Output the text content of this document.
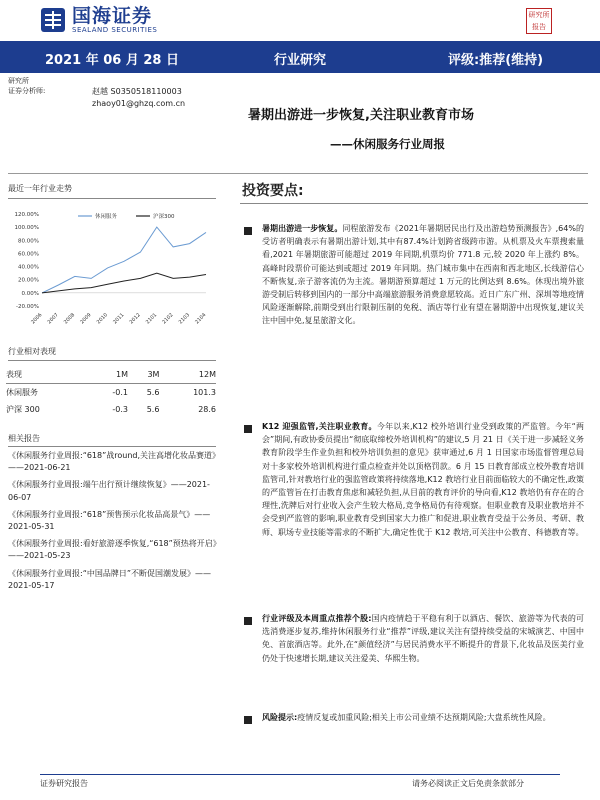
国海证券
SEALAND SECURITIES
研究所报告
2021 年 06 月 28 日	行业研究	评级:推荐(维持)
研究所
证券分析师:	赵越 S0350518110003
zhaoy01@ghzq.com.cn
暑期出游进一步恢复,关注职业教育市场
——休闲服务行业周报
最近一年行业走势
120.00%
100.00%
80.00%
60.00%
40.00%
20.00%
0.00%
-20.00%
2006 2007 2008 2009 2010 2011 2012 2101 2102 2103 2104
休闲服务	沪深300
行业相对表现
表现	1M	3M	12M
休闲服务	-0.1	5.6	101.3
沪深 300	-0.3	5.6	28.6
相关报告

《休闲服务行业周报:“618”战round,关注高增化妆品赛道》——2021-06-21

《休闲服务行业周报:端午出行预计继续恢复》——2021-06-07

《休闲服务行业周报:“618”预售预示化妆品高景气》——2021-05-31

《休闲服务行业周报:看好旅游逐季恢复,“618”预热将开启》——2021-05-23

《休闲服务行业周报:“中国品牌日”不断促国潮发展》——2021-05-17

投资要点:
暑期出游进一步恢复。同程旅游发布《2021年暑期居民出行及出游趋势预测报告》,64%的受访者明确表示有暑期出游计划,其中有87.4%计划跨省级跨市游。从机票及火车票搜索量看,2021 年暑期旅游可能超过 2019 年同期,机票均价 771.8 元,较 2020 年上涨约 8%。高峰时段票价可能达到或超过 2019 年同期。热门城市集中在西南和西北地区,长线游信心不断恢复,亲子游客流仍为主流。暑期游预算超过 1 万元的比例达到 8.6%。休现出境外旅游受制后转移到国内的一部分中高端旅游服务消费意愿较高。近日广东广州、深圳等地疫情风险逐渐解除,前期受到出行限制压制的免税、酒店等行业有望在暑期游中出现恢复,建议关注中国中免,复星旅游文化。
K12 迎强监管,关注职业教育。今年以来,K12 校外培训行业受到政策的严监管。今年“两会”期间,有政协委员提出“彻底取缔校外培训机构”的建议,5 月 21 日《关于进一步减轻义务教育阶段学生作业负担和校外培训负担的意见》获审通过,6 月 1 日国家市场监督管理总局对十多家校外培训机构进行重点检查并处以顶格罚款。6 月 15 日教育部成立校外教育培训监管司,针对教培行业的强监管政策将持续落地,K12 教培行业目前面临较大的不确定性,政策的严监管旨在打击教育焦虑和减轻负担,从目前的教育评价的导向看,K12 教培仍有存在的合理性,洗牌后对行业收入会产生较大格局,竞争格局仍有待观察。但职业教育及职业教培并不会受到严监管的影响,职业教育受到国家大力推广和促进,职业教育受益于公务员、考研、教师、职场专业技能等需求的不断扩大,确定性优于 K12 教培,可关注中公教育、科德教育等。
行业评级及本周重点推荐个股:国内疫情趋于平稳有利于以酒店、餐饮、旅游等为代表的可选消费逐步复苏,维持休闲服务行业“推荐”评级,建议关注有望持续受益的宋城演艺、中国中免、首旅酒店等。此外,在“颜值经济”与居民消费水平不断提升的背景下,化妆品及医美行业仍处于快速增长期,建议关注爱美、华熙生物。
风险提示:疫情反复或加重风险;相关上市公司业绩不达预期风险;大盘系统性风险。
证券研究报告	请务必阅读正文后免责条款部分
